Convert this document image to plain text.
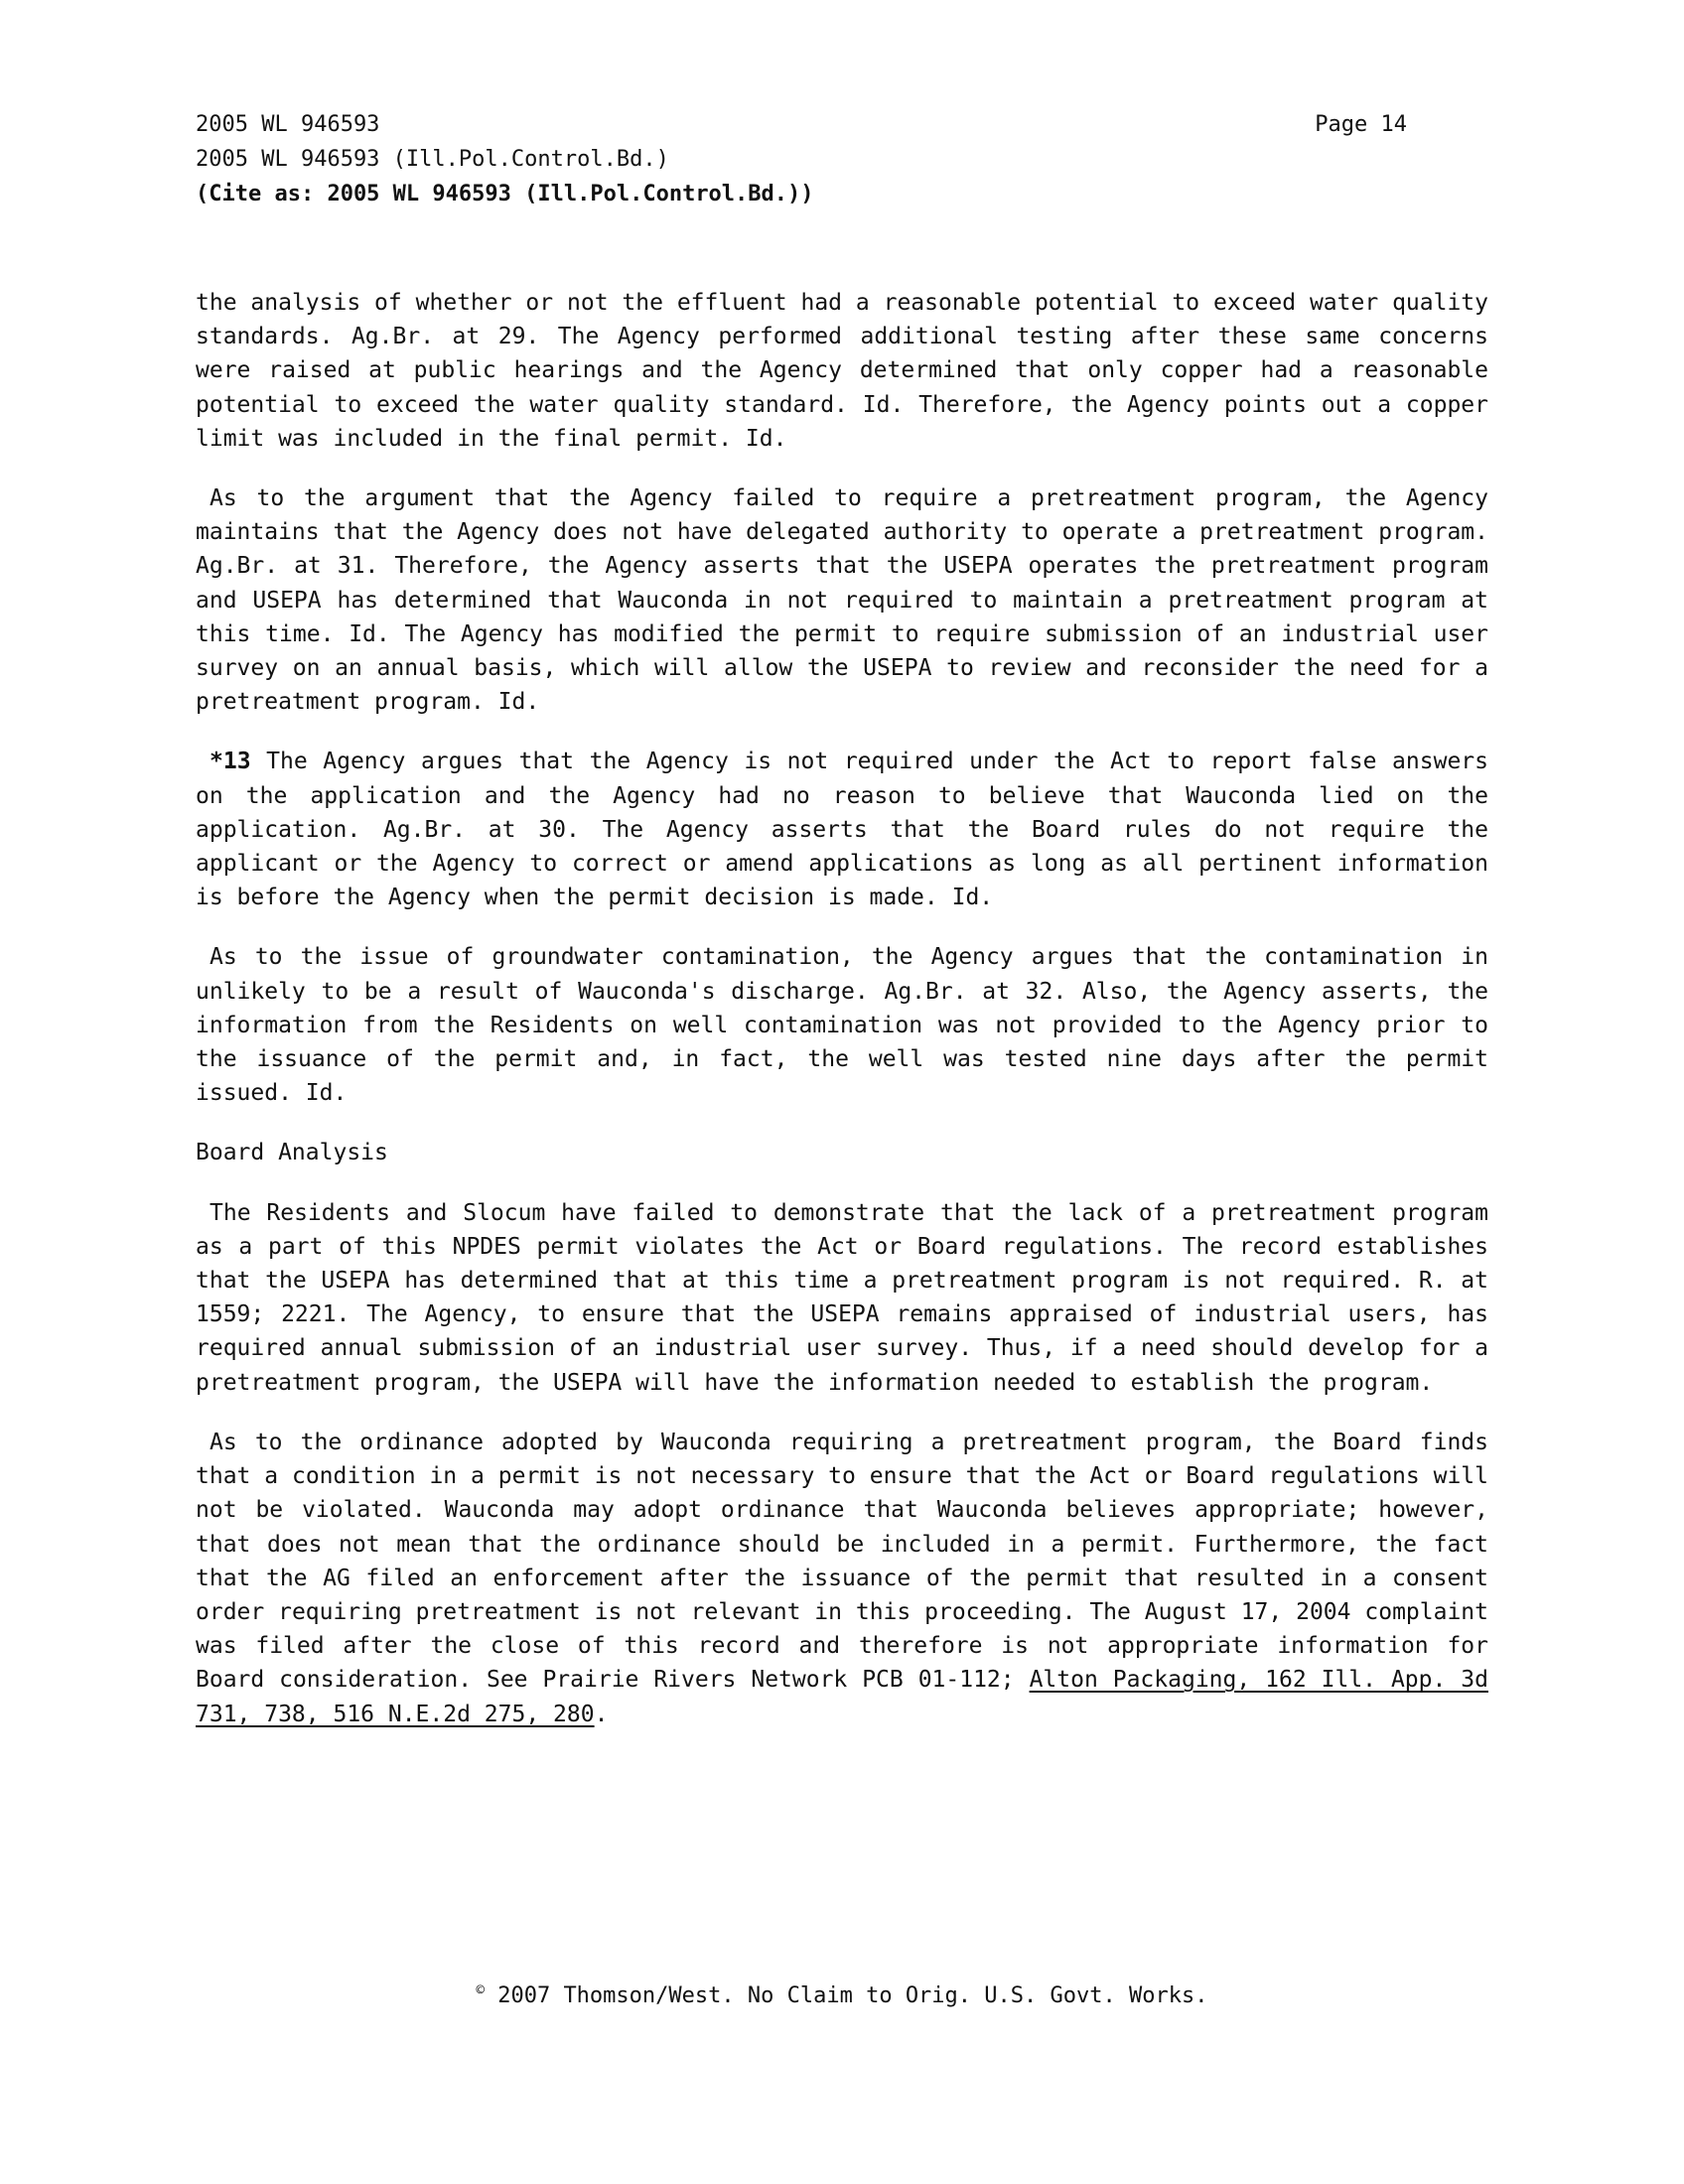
Page 14
2005 WL 946593
2005 WL 946593 (Ill.Pol.Control.Bd.)
(Cite as: 2005 WL 946593 (Ill.Pol.Control.Bd.))

the analysis of whether or not the effluent had a reasonable potential to exceed water quality standards. Ag.Br. at 29. The Agency performed additional testing after these same concerns were raised at public hearings and the Agency determined that only copper had a reasonable potential to exceed the water quality standard. Id. Therefore, the Agency points out a copper limit was included in the final permit. Id.

As to the argument that the Agency failed to require a pretreatment program, the Agency maintains that the Agency does not have delegated authority to operate a pretreatment program. Ag.Br. at 31. Therefore, the Agency asserts that the USEPA operates the pretreatment program and USEPA has determined that Wauconda in not required to maintain a pretreatment program at this time. Id. The Agency has modified the permit to require submission of an industrial user survey on an annual basis, which will allow the USEPA to review and reconsider the need for a pretreatment program. Id.

*13 The Agency argues that the Agency is not required under the Act to report false answers on the application and the Agency had no reason to believe that Wauconda lied on the application. Ag.Br. at 30. The Agency asserts that the Board rules do not require the applicant or the Agency to correct or amend applications as long as all pertinent information is before the Agency when the permit decision is made. Id.

As to the issue of groundwater contamination, the Agency argues that the contamination in unlikely to be a result of Wauconda's discharge. Ag.Br. at 32. Also, the Agency asserts, the information from the Residents on well contamination was not provided to the Agency prior to the issuance of the permit and, in fact, the well was tested nine days after the permit issued. Id.

Board Analysis

The Residents and Slocum have failed to demonstrate that the lack of a pretreatment program as a part of this NPDES permit violates the Act or Board regulations. The record establishes that the USEPA has determined that at this time a pretreatment program is not required. R. at 1559; 2221. The Agency, to ensure that the USEPA remains appraised of industrial users, has required annual submission of an industrial user survey. Thus, if a need should develop for a pretreatment program, the USEPA will have the information needed to establish the program.

As to the ordinance adopted by Wauconda requiring a pretreatment program, the Board finds that a condition in a permit is not necessary to ensure that the Act or Board regulations will not be violated. Wauconda may adopt ordinance that Wauconda believes appropriate; however, that does not mean that the ordinance should be included in a permit. Furthermore, the fact that the AG filed an enforcement after the issuance of the permit that resulted in a consent order requiring pretreatment is not relevant in this proceeding. The August 17, 2004 complaint was filed after the close of this record and therefore is not appropriate information for Board consideration. See Prairie Rivers Network PCB 01-112; Alton Packaging, 162 Ill. App. 3d 731, 738, 516 N.E.2d 275, 280.

© 2007 Thomson/West. No Claim to Orig. U.S. Govt. Works.
